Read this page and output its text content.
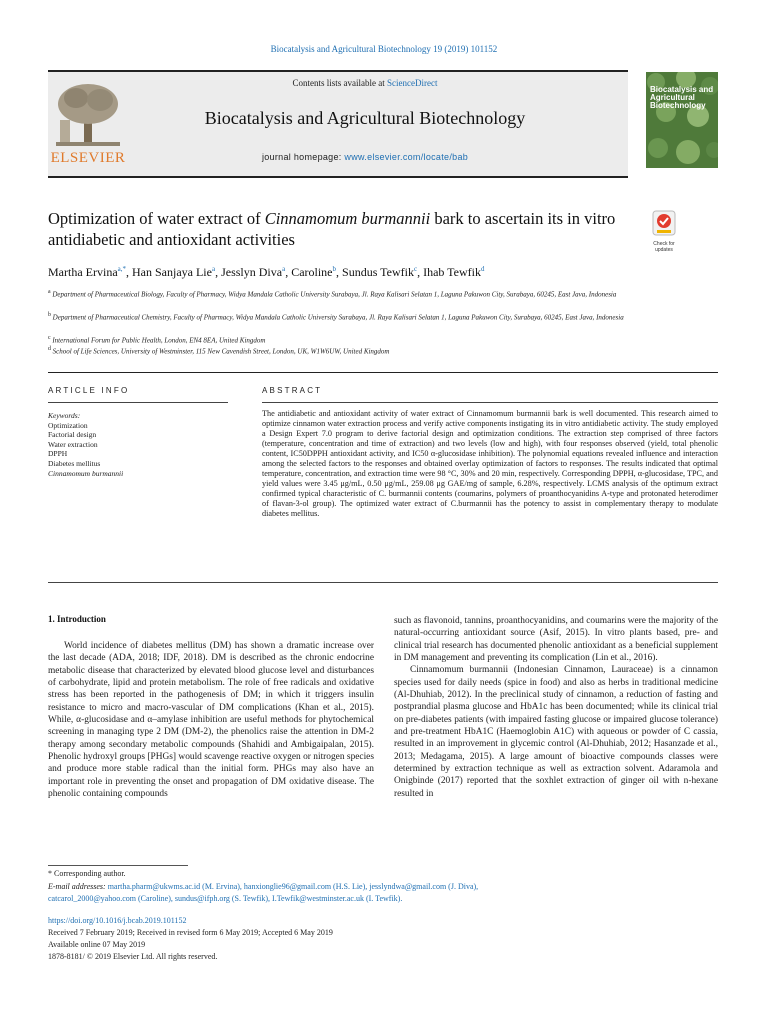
Biocatalysis and Agricultural Biotechnology 19 (2019) 101152
ELSEVIER
Contents lists available at ScienceDirect
Biocatalysis and Agricultural Biotechnology
journal homepage: www.elsevier.com/locate/bab
Biocatalysis and Agricultural Biotechnology
Optimization of water extract of Cinnamomum burmannii bark to ascertain its in vitro antidiabetic and antioxidant activities	Check for updates
Martha Ervina$^{a,*}$, Han Sanjaya Lie$^a$, Jesslyn Diva$^a$, Caroline$^b$, Sundus Tewfik$^c$, Ihab Tewfik$^d$
$^a$ Department of Pharmaceutical Biology, Faculty of Pharmacy, Widya Mandala Catholic University Surabaya, Jl. Raya Kalisari Selatan 1, Laguna Pakuwon City, Surabaya, 60245, East Java, Indonesia
$^b$ Department of Pharmaceutical Chemistry, Faculty of Pharmacy, Widya Mandala Catholic University Surabaya, Jl. Raya Kalisari Selatan 1, Laguna Pakuwon City, Surabaya, 60245, East Java, Indonesia
$^c$ International Forum for Public Health, London, EN4 8EA, United Kingdom
$^d$ School of Life Sciences, University of Westminster, 115 New Cavendish Street, London, UK, W1W6UW, United Kingdom
ARTICLE INFO	ABSTRACT
Keywords:
Optimization
Factorial design
Water extraction
DPPH
Diabetes mellitus
Cinnamomum burmannii
The antidiabetic and antioxidant activity of water extract of Cinnamomum burmannii bark is well documented. This research aimed to optimize cinnamon water extraction process and verify active components instigating its in vitro antidiabetic activity. The study employed a Design Expert 7.0 program to derive factorial design and optimization conditions. The extraction step comprised of three factors (temperature, concentration and time of extraction) and two levels (low and high), with four responses observed (yield, total phenolic content, IC50DPPH antioxidant activity, and IC50 α-glucosidase inhibition). The polynomial equations revealed influence and interaction among the selected factors to the responses and obtained overlay optimization of factors to responses. The results indicated that optimal temperature, concentration, and extraction time were 98 °C, 30% and 20 min, respectively. Corresponding DPPH, α-glucosidase, TPC, and yield values were 3.45 μg/mL, 0.50 μg/mL, 259.08 μg GAE/mg of sample, 6.28%, respectively. LCMS analysis of the optimum extract confirmed typical characteristic of C. burmannii contents (coumarins, polymers of proanthocyanidins A-type and protonated heterodimer of flavan-3-ol group). The optimized water extract of C.burmannii has the potency to assist in complementary therapy to modulate diabetes mellitus.
1. Introduction

World incidence of diabetes mellitus (DM) has shown a dramatic increase over the last decade (ADA, 2018; IDF, 2018). DM is described as the chronic endocrine metabolic disease that characterized by elevated blood glucose level and disturbances of carbohydrate, lipid and protein metabolism. The role of free radicals and oxidative stress has been reported in the pathogenesis of DM; in which it triggers insulin resistance to micro and macro-vascular of DM complications (Khan et al., 2015). While, α-glucosidase and α–amylase inhibition are useful methods for phytochemical screening in managing type 2 DM (DM-2), the phenolics raise the attention in DM-2 therapy among secondary metabolic compounds (Shahidi and Ambigaipalan, 2015). Phenolic hydroxyl groups [PHGs] would scavenge reactive oxygen or nitrogen species and produce more stable radical than the initial form. PHGs may also have an important role in preventing the onset and propagation of DM oxidative disease. The phenolic containing compounds

such as flavonoid, tannins, proanthocyanidins, and coumarins were the majority of the natural-occurring antioxidant source (Asif, 2015). In vitro plants based, pre- and clinical trial research has documented phenolic antioxidant as a beneficial supplement in DM management and preventing its complication (Lin et al., 2016).

Cinnamomum burmannii (Indonesian Cinnamon, Lauraceae) is a cinnamon species used for daily needs (spice in food) and also as herbs in traditional medicine (Al-Dhuhiab, 2012). In the preclinical study of cinnamon, a reduction of fasting and postprandial plasma glucose and HbA1c has been documented; while its clinical trial on pre-diabetes patients (with impaired fasting glucose or impaired glucose tolerance) and pre-treatment HbA1C (Haemoglobin A1C) with aqueous or powder of C cassia, resulted in an improvement in glycemic control (Al-Dhuhiab, 2012; Hasanzade et al., 2013; Medagama, 2015). A large amount of bioactive compounds classes were determined by extraction technique as well as extraction solvent. Adaramola and Onigbinde (2017) reported that the soxhlet extraction of ginger oil with n-hexane resulted in

* Corresponding author.
E-mail addresses: martha.pharm@ukwms.ac.id (M. Ervina), hanxionglie96@gmail.com (H.S. Lie), jesslyndwa@gmail.com (J. Diva),
catcarol_2000@yahoo.com (Caroline), sundus@ifph.org (S. Tewfik), I.Tewfik@westminster.ac.uk (I. Tewfik).
https://doi.org/10.1016/j.bcab.2019.101152
Received 7 February 2019; Received in revised form 6 May 2019; Accepted 6 May 2019
Available online 07 May 2019
1878-8181/ © 2019 Elsevier Ltd. All rights reserved.
